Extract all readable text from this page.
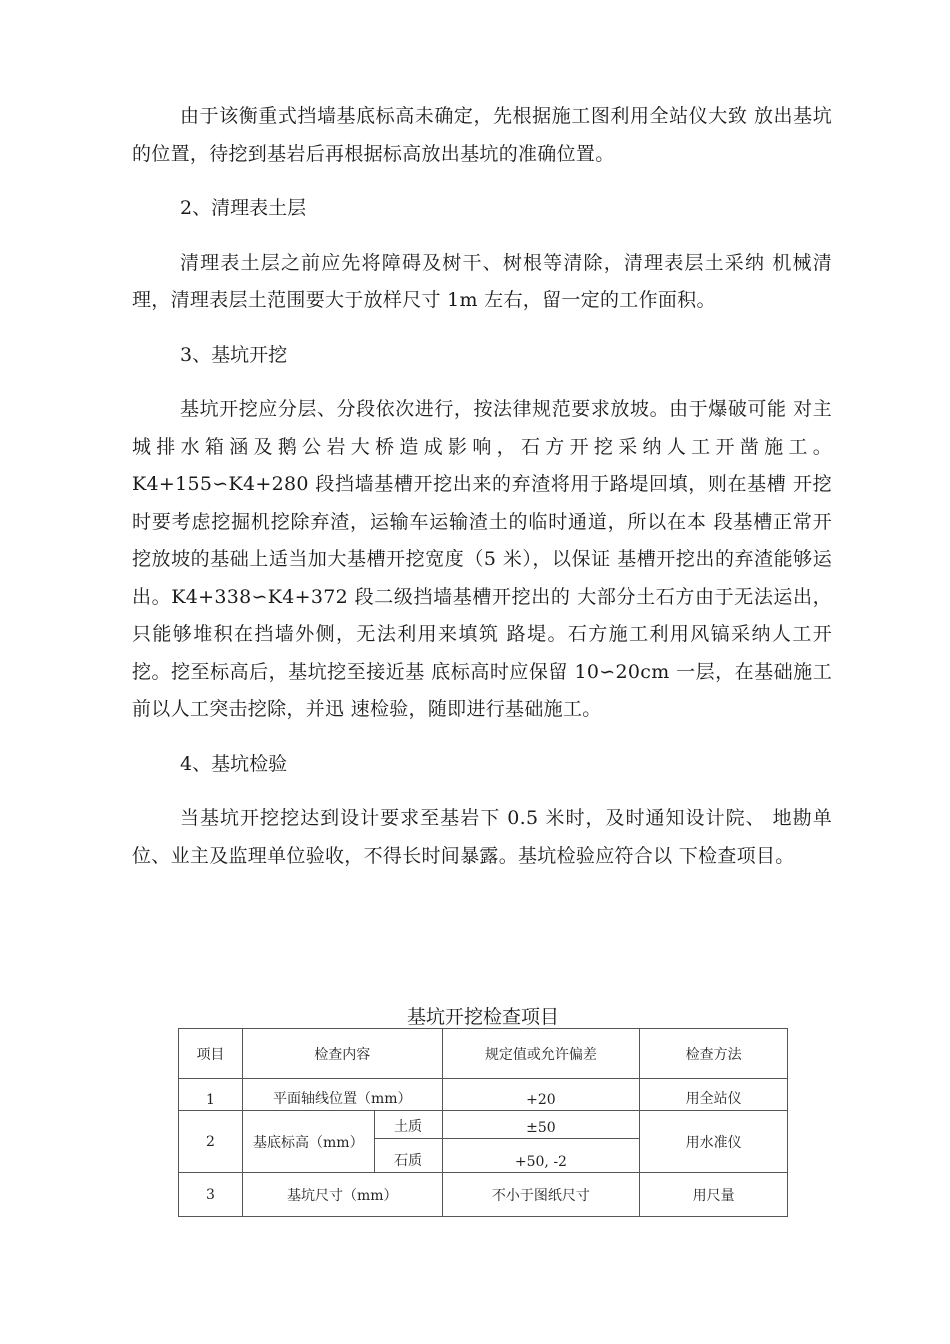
由于该衡重式挡墙基底标高未确定，先根据施工图利用全站仪大致 放出基坑的位置，待挖到基岩后再根据标高放出基坑的准确位置。

2、清理表土层

清理表土层之前应先将障碍及树干、树根等清除，清理表层土采纳 机械清理，清理表层土范围要大于放样尺寸 1m 左右，留一定的工作面积。

3、基坑开挖

基坑开挖应分层、分段依次进行，按法律规范要求放坡。由于爆破可能 对主城排水箱涵及鹅公岩大桥造成影响，石方开挖采纳人工开凿施工。K4+155∽K4+280 段挡墙基槽开挖出来的弃渣将用于路堤回填，则在基槽 开挖时要考虑挖掘机挖除弃渣，运输车运输渣土的临时通道，所以在本 段基槽正常开挖放坡的基础上适当加大基槽开挖宽度（5 米），以保证 基槽开挖出的弃渣能够运出。K4+338∽K4+372 段二级挡墙基槽开挖出的 大部分土石方由于无法运出，只能够堆积在挡墙外侧，无法利用来填筑 路堤。石方施工利用风镐采纳人工开挖。挖至标高后，基坑挖至接近基 底标高时应保留 10∽20cm 一层，在基础施工前以人工突击挖除，并迅 速检验，随即进行基础施工。

4、基坑检验

当基坑开挖挖达到设计要求至基岩下 0.5 米时，及时通知设计院、 地勘单位、业主及监理单位验收，不得长时间暴露。基坑检验应符合以 下检查项目。

基坑开挖检查项目
项目	检查内容		规定值或允许偏差	检查方法
1	平面轴线位置（mm）		+20	用全站仪
2	基底标高（mm）	土质	±50	用水准仪
		石质	+50, -2	
3	基坑尺寸（mm）		不小于图纸尺寸	用尺量
